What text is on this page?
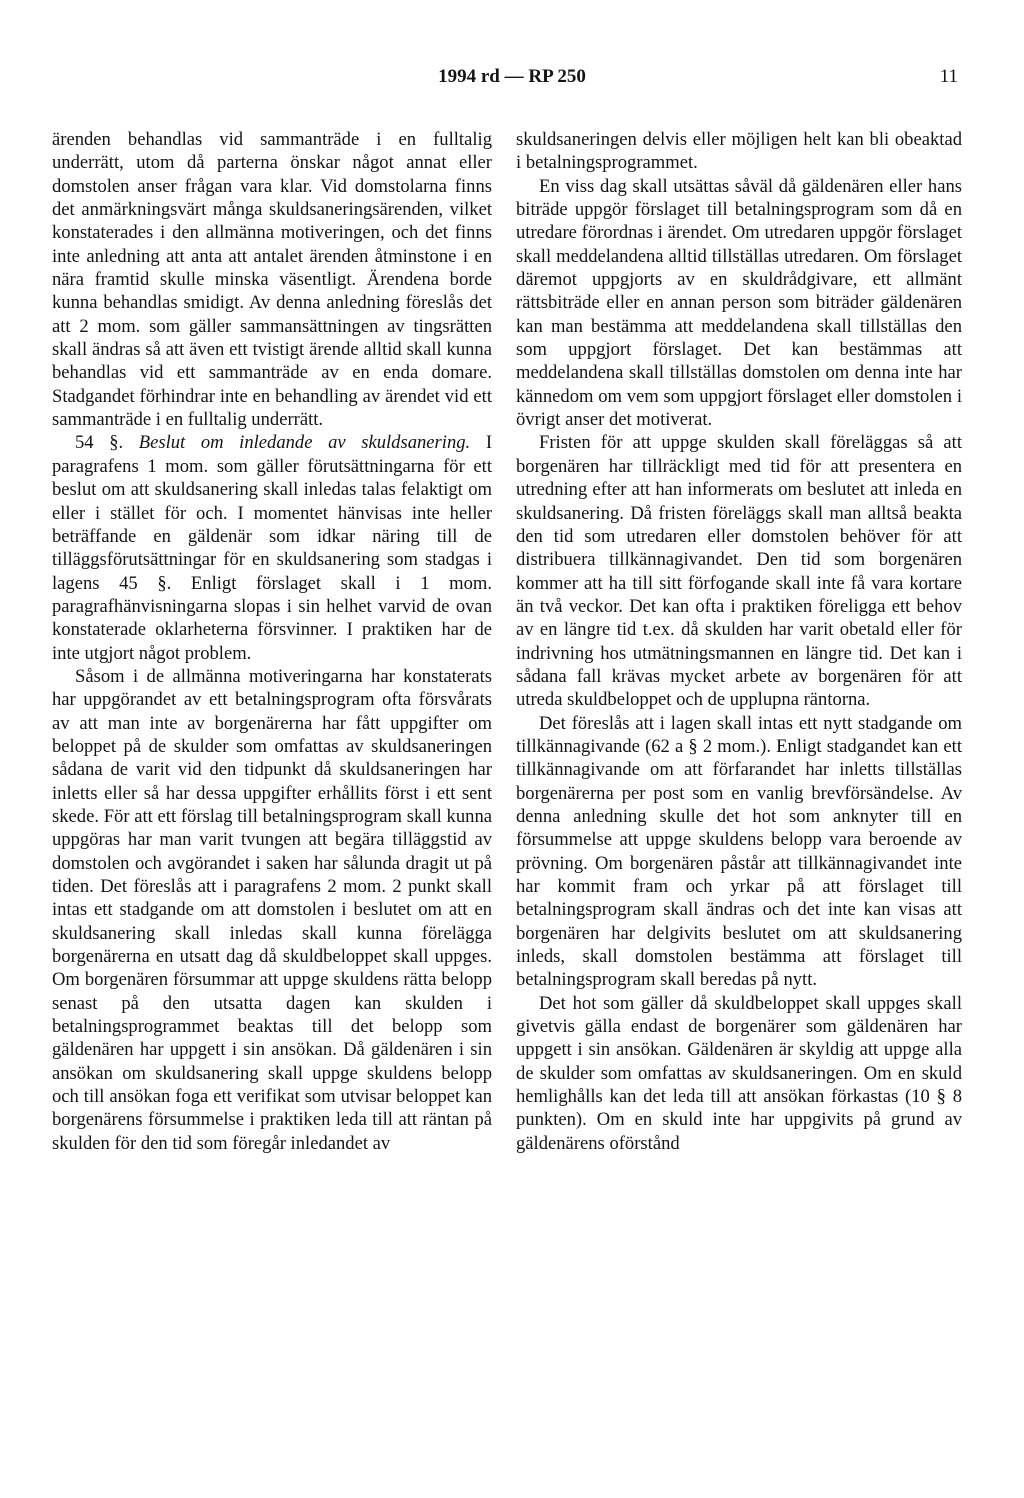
1994 rd — RP 250	11

ärenden behandlas vid sammanträde i en fulltalig underrätt, utom då parterna önskar något annat eller domstolen anser frågan vara klar. Vid domstolarna finns det anmärkningsvärt många skuldsaneringsärenden, vilket konstaterades i den allmänna motiveringen, och det finns inte anledning att anta att antalet ärenden åtminstone i en nära framtid skulle minska väsentligt. Ärendena borde kunna behandlas smidigt. Av denna anledning föreslås det att 2 mom. som gäller sammansättningen av tingsrätten skall ändras så att även ett tvistigt ärende alltid skall kunna behandlas vid ett sammanträde av en enda domare. Stadgandet förhindrar inte en behandling av ärendet vid ett sammanträde i en fulltalig underrätt.

54 §. Beslut om inledande av skuldsanering. I paragrafens 1 mom. som gäller förutsättningarna för ett beslut om att skuldsanering skall inledas talas felaktigt om eller i stället för och. I momentet hänvisas inte heller beträffande en gäldenär som idkar näring till de tilläggsförutsättningar för en skuldsanering som stadgas i lagens 45 §. Enligt förslaget skall i 1 mom. paragrafhänvisningarna slopas i sin helhet varvid de ovan konstaterade oklarheterna försvinner. I praktiken har de inte utgjort något problem.

Såsom i de allmänna motiveringarna har konstaterats har uppgörandet av ett betalningsprogram ofta försvårats av att man inte av borgenärerna har fått uppgifter om beloppet på de skulder som omfattas av skuldsaneringen sådana de varit vid den tidpunkt då skuldsaneringen har inletts eller så har dessa uppgifter erhållits först i ett sent skede. För att ett förslag till betalningsprogram skall kunna uppgöras har man varit tvungen att begära tilläggstid av domstolen och avgörandet i saken har sålunda dragit ut på tiden. Det föreslås att i paragrafens 2 mom. 2 punkt skall intas ett stadgande om att domstolen i beslutet om att en skuldsanering skall inledas skall kunna förelägga borgenärerna en utsatt dag då skuldbeloppet skall uppges. Om borgenären försummar att uppge skuldens rätta belopp senast på den utsatta dagen kan skulden i betalningsprogrammet beaktas till det belopp som gäldenären har uppgett i sin ansökan. Då gäldenären i sin ansökan om skuldsanering skall uppge skuldens belopp och till ansökan foga ett verifikat som utvisar beloppet kan borgenärens försummelse i praktiken leda till att räntan på skulden för den tid som föregår inledandet av

skuldsaneringen delvis eller möjligen helt kan bli obeaktad i betalningsprogrammet.

En viss dag skall utsättas såväl då gäldenären eller hans biträde uppgör förslaget till betalningsprogram som då en utredare förordnas i ärendet. Om utredaren uppgör förslaget skall meddelandena alltid tillställas utredaren. Om förslaget däremot uppgjorts av en skuldrådgivare, ett allmänt rättsbiträde eller en annan person som biträder gäldenären kan man bestämma att meddelandena skall tillställas den som uppgjort förslaget. Det kan bestämmas att meddelandena skall tillställas domstolen om denna inte har kännedom om vem som uppgjort förslaget eller domstolen i övrigt anser det motiverat.

Fristen för att uppge skulden skall föreläggas så att borgenären har tillräckligt med tid för att presentera en utredning efter att han informerats om beslutet att inleda en skuldsanering. Då fristen föreläggs skall man alltså beakta den tid som utredaren eller domstolen behöver för att distribuera tillkännagivandet. Den tid som borgenären kommer att ha till sitt förfogande skall inte få vara kortare än två veckor. Det kan ofta i praktiken föreligga ett behov av en längre tid t.ex. då skulden har varit obetald eller för indrivning hos utmätningsmannen en längre tid. Det kan i sådana fall krävas mycket arbete av borgenären för att utreda skuldbeloppet och de upplupna räntorna.

Det föreslås att i lagen skall intas ett nytt stadgande om tillkännagivande (62 a § 2 mom.). Enligt stadgandet kan ett tillkännagivande om att förfarandet har inletts tillställas borgenärerna per post som en vanlig brevförsändelse. Av denna anledning skulle det hot som anknyter till en försummelse att uppge skuldens belopp vara beroende av prövning. Om borgenären påstår att tillkännagivandet inte har kommit fram och yrkar på att förslaget till betalningsprogram skall ändras och det inte kan visas att borgenären har delgivits beslutet om att skuldsanering inleds, skall domstolen bestämma att förslaget till betalningsprogram skall beredas på nytt.

Det hot som gäller då skuldbeloppet skall uppges skall givetvis gälla endast de borgenärer som gäldenären har uppgett i sin ansökan. Gäldenären är skyldig att uppge alla de skulder som omfattas av skuldsaneringen. Om en skuld hemlighålls kan det leda till att ansökan förkastas (10 § 8 punkten). Om en skuld inte har uppgivits på grund av gäldenärens oförstånd
